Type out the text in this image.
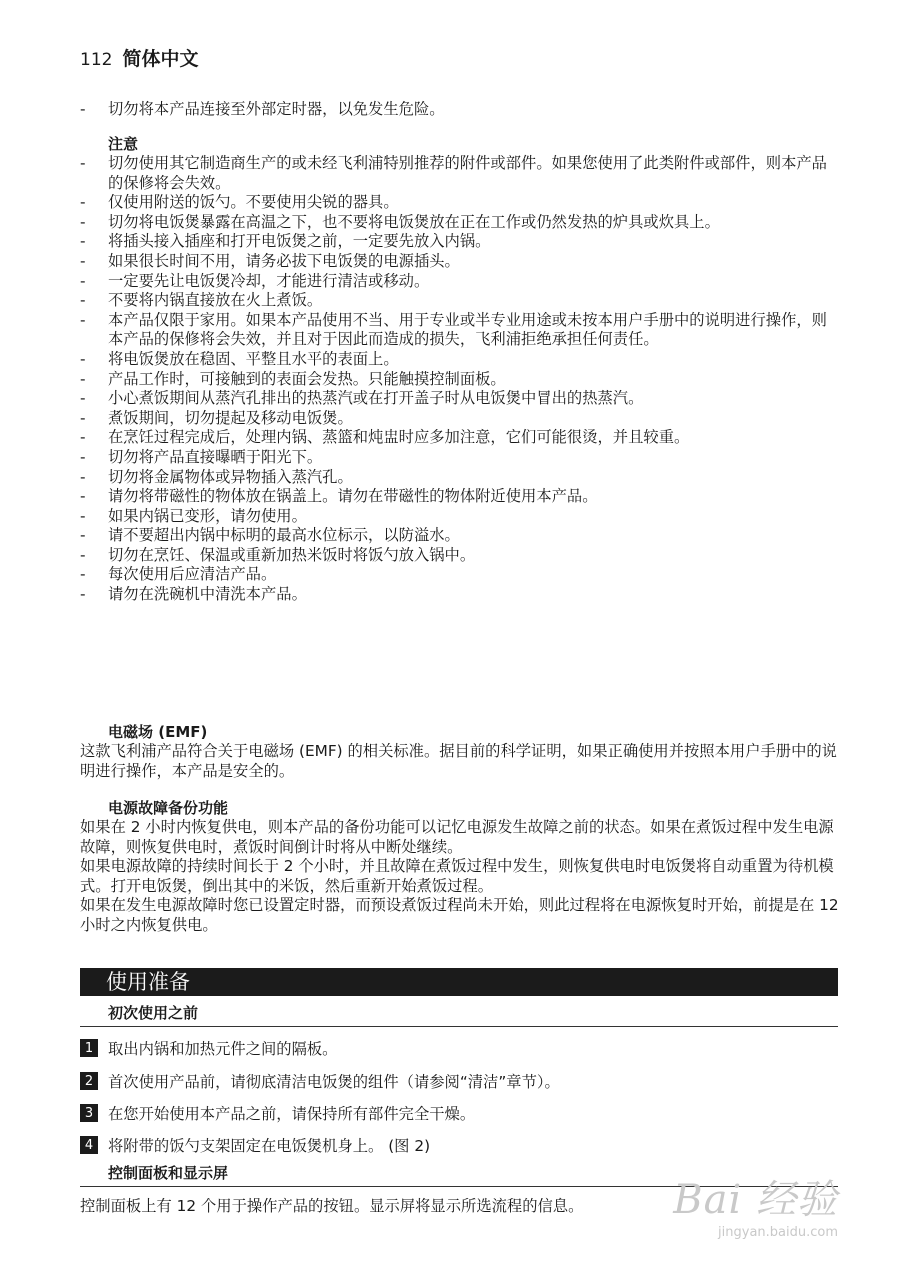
112 简体中文
-	切勿将本产品连接至外部定时器，以免发生危险。
注意
-	切勿使用其它制造商生产的或未经飞利浦特别推荐的附件或部件。如果您使用了此类附件或部件，则本产品的保修将会失效。
-	仅使用附送的饭勺。不要使用尖锐的器具。
-	切勿将电饭煲暴露在高温之下，也不要将电饭煲放在正在工作或仍然发热的炉具或炊具上。
-	将插头接入插座和打开电饭煲之前，一定要先放入内锅。
-	如果很长时间不用，请务必拔下电饭煲的电源插头。
-	一定要先让电饭煲冷却，才能进行清洁或移动。
-	不要将内锅直接放在火上煮饭。
-	本产品仅限于家用。如果本产品使用不当、用于专业或半专业用途或未按本用户手册中的说明进行操作，则本产品的保修将会失效，并且对于因此而造成的损失，飞利浦拒绝承担任何责任。
-	将电饭煲放在稳固、平整且水平的表面上。
-	产品工作时，可接触到的表面会发热。只能触摸控制面板。
-	小心煮饭期间从蒸汽孔排出的热蒸汽或在打开盖子时从电饭煲中冒出的热蒸汽。
-	煮饭期间，切勿提起及移动电饭煲。
-	在烹饪过程完成后，处理内锅、蒸篮和炖盅时应多加注意，它们可能很烫，并且较重。
-	切勿将产品直接曝晒于阳光下。
-	切勿将金属物体或异物插入蒸汽孔。
-	请勿将带磁性的物体放在锅盖上。请勿在带磁性的物体附近使用本产品。
-	如果内锅已变形，请勿使用。
-	请不要超出内锅中标明的最高水位标示，以防溢水。
-	切勿在烹饪、保温或重新加热米饭时将饭勺放入锅中。
-	每次使用后应清洁产品。
-	请勿在洗碗机中清洗本产品。
电磁场 (EMF)
这款飞利浦产品符合关于电磁场 (EMF) 的相关标准。据目前的科学证明，如果正确使用并按照本用户手册中的说明进行操作，本产品是安全的。
电源故障备份功能
如果在 2 小时内恢复供电，则本产品的备份功能可以记忆电源发生故障之前的状态。如果在煮饭过程中发生电源故障，则恢复供电时，煮饭时间倒计时将从中断处继续。
如果电源故障的持续时间长于 2 个小时，并且故障在煮饭过程中发生，则恢复供电时电饭煲将自动重置为待机模式。打开电饭煲，倒出其中的米饭，然后重新开始煮饭过程。
如果在发生电源故障时您已设置定时器，而预设煮饭过程尚未开始，则此过程将在电源恢复时开始，前提是在 12 小时之内恢复供电。
使用准备
初次使用之前
1 取出内锅和加热元件之间的隔板。
2 首次使用产品前，请彻底清洁电饭煲的组件（请参阅“清洁”章节）。
3 在您开始使用本产品之前，请保持所有部件完全干燥。
4 将附带的饭勺支架固定在电饭煲机身上。 (图 2)
控制面板和显示屏
控制面板上有 12 个用于操作产品的按钮。显示屏将显示所选流程的信息。	Bai 经验
jingyan.baidu.com
